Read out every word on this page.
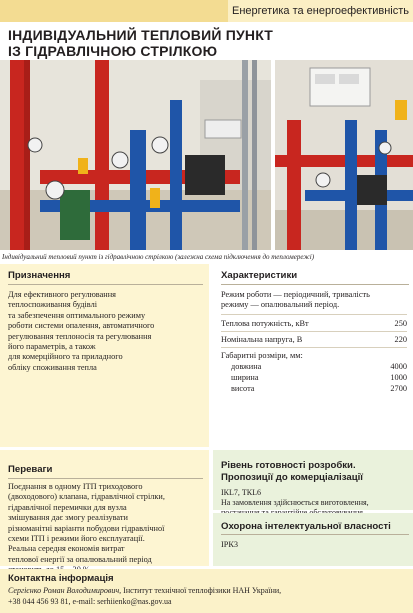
Енергетика та енергоефективність
ІНДИВІДУАЛЬНИЙ ТЕПЛОВИЙ ПУНКТ
ІЗ ГІДРАВЛІЧНОЮ СТРІЛКОЮ
Індивідуальний тепловий пункт із гідравлічною стрілкою (залежна схема підключення до тепломережі)
Призначення
Для ефективного регулювання
теплоспоживання будівлі
та забезпечення оптимального режиму
роботи системи опалення, автоматичного
регулювання теплоносія та регулювання
його параметрів, а також
для комерційного та приладного
обліку споживання тепла
Характеристики
Режим роботи — періодичний, тривалість
режиму — опалювальний період.
Теплова потужність, кВт	250
Номінальна напруга, В	220
Габаритні розміри, мм:
довжина	4000
ширина	1000
висота	2700
Переваги
Поєднання в одному ІТП триходового
(двоходового) клапана, гідравлічної стрілки,
гідравлічної перемички для вузла
змішування дає змогу реалізувати
різноманітні варіанти побудови гідравлічної
схеми ІТП і режими його експлуатації.
Реальна середня економія витрат
теплової енергії за опалювальний період
Рівень готовності розробки. Пропозиції до комерціалізації
ІКL7, ТКL6
На замовлення здійснюється виготовлення,
Охорона інтелектуальної власності
ІРК3
Контактна інформація
Сергієнко Роман Володимирович, Інститут технічної теплофізики НАН України,
+38 044 456 93 81, e-mail: serhiienko@nas.gov.ua
